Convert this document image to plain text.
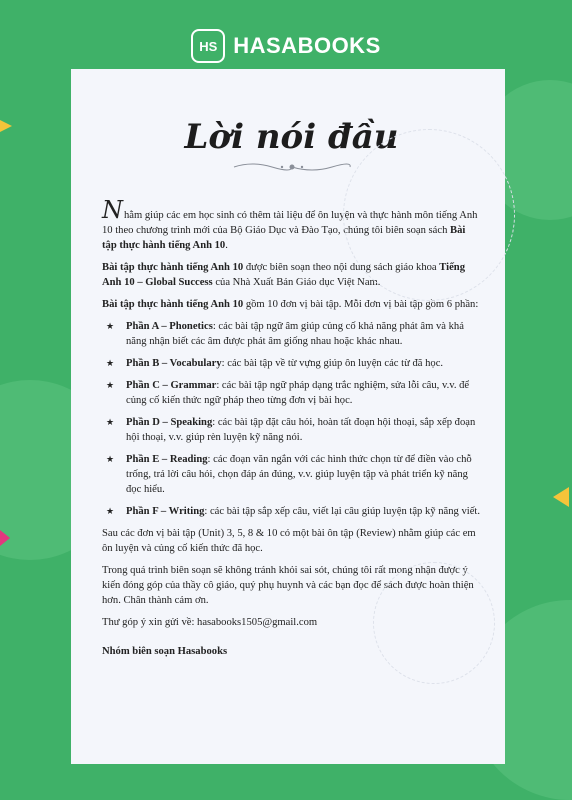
HS HASABOOKS
Lời nói đầu

Nhằm giúp các em học sinh có thêm tài liệu để ôn luyện và thực hành môn tiếng Anh 10 theo chương trình mới của Bộ Giáo Dục và Đào Tạo, chúng tôi biên soạn sách Bài tập thực hành tiếng Anh 10.

Bài tập thực hành tiếng Anh 10 được biên soạn theo nội dung sách giáo khoa Tiếng Anh 10 – Global Success của Nhà Xuất Bản Giáo dục Việt Nam.

Bài tập thực hành tiếng Anh 10 gồm 10 đơn vị bài tập. Mỗi đơn vị bài tập gồm 6 phần:

★	Phần A – Phonetics: các bài tập ngữ âm giúp củng cố khả năng phát âm và khả năng nhận biết các âm được phát âm giống nhau hoặc khác nhau.
★	Phần B – Vocabulary: các bài tập về từ vựng giúp ôn luyện các từ đã học.
★	Phần C – Grammar: các bài tập ngữ pháp dạng trắc nghiệm, sửa lỗi câu, v.v. để củng cố kiến thức ngữ pháp theo từng đơn vị bài học.
★	Phần D – Speaking: các bài tập đặt câu hỏi, hoàn tất đoạn hội thoại, sắp xếp đoạn hội thoại, v.v. giúp rèn luyện kỹ năng nói.
★	Phần E – Reading: các đoạn văn ngắn với các hình thức chọn từ để điền vào chỗ trống, trả lời câu hỏi, chọn đáp án đúng, v.v. giúp luyện tập và phát triển kỹ năng đọc hiểu.
★	Phần F – Writing: các bài tập sắp xếp câu, viết lại câu giúp luyện tập kỹ năng viết.

Sau các đơn vị bài tập (Unit) 3, 5, 8 & 10 có một bài ôn tập (Review) nhằm giúp các em ôn luyện và củng cố kiến thức đã học.

Trong quá trình biên soạn sẽ không tránh khỏi sai sót, chúng tôi rất mong nhận được ý kiến đóng góp của thầy cô giáo, quý phụ huynh và các bạn đọc để sách được hoàn thiện hơn. Chân thành cảm ơn.

Thư góp ý xin gửi về: hasabooks1505@gmail.com

Nhóm biên soạn Hasabooks
